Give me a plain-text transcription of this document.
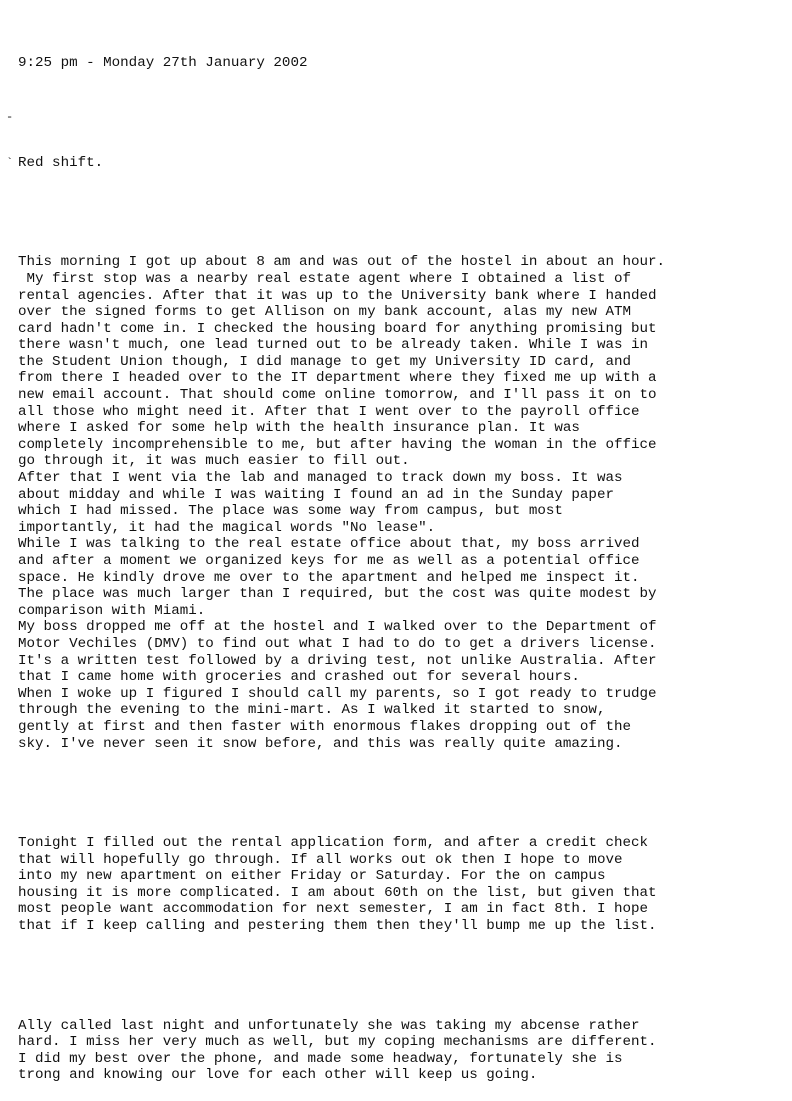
-
`

9:25 pm - Monday 27th January 2002

Red shift.

This morning I got up about 8 am and was out of the hostel in about an hour.
My first stop was a nearby real estate agent where I obtained a list of
rental agencies. After that it was up to the University bank where I handed
over the signed forms to get Allison on my bank account, alas my new ATM
card hadn't come in. I checked the housing board for anything promising but
there wasn't much, one lead turned out to be already taken. While I was in
the Student Union though, I did manage to get my University ID card, and
from there I headed over to the IT department where they fixed me up with a
new email account. That should come online tomorrow, and I'll pass it on to
all those who might need it. After that I went over to the payroll office
where I asked for some help with the health insurance plan. It was
completely incomprehensible to me, but after having the woman in the office
go through it, it was much easier to fill out.
After that I went via the lab and managed to track down my boss. It was
about midday and while I was waiting I found an ad in the Sunday paper
which I had missed. The place was some way from campus, but most
importantly, it had the magical words "No lease".
While I was talking to the real estate office about that, my boss arrived
and after a moment we organized keys for me as well as a potential office
space. He kindly drove me over to the apartment and helped me inspect it.
The place was much larger than I required, but the cost was quite modest by
comparison with Miami.
My boss dropped me off at the hostel and I walked over to the Department of
Motor Vechiles (DMV) to find out what I had to do to get a drivers license.
It's a written test followed by a driving test, not unlike Australia. After
that I came home with groceries and crashed out for several hours.
When I woke up I figured I should call my parents, so I got ready to trudge
through the evening to the mini-mart. As I walked it started to snow,
gently at first and then faster with enormous flakes dropping out of the
sky. I've never seen it snow before, and this was really quite amazing.

Tonight I filled out the rental application form, and after a credit check
that will hopefully go through. If all works out ok then I hope to move
into my new apartment on either Friday or Saturday. For the on campus
housing it is more complicated. I am about 60th on the list, but given that
most people want accommodation for next semester, I am in fact 8th. I hope
that if I keep calling and pestering them then they'll bump me up the list.

Ally called last night and unfortunately she was taking my abcense rather
hard. I miss her very much as well, but my coping mechanisms are different.
I did my best over the phone, and made some headway, fortunately she is
trong and knowing our love for each other will keep us going.
